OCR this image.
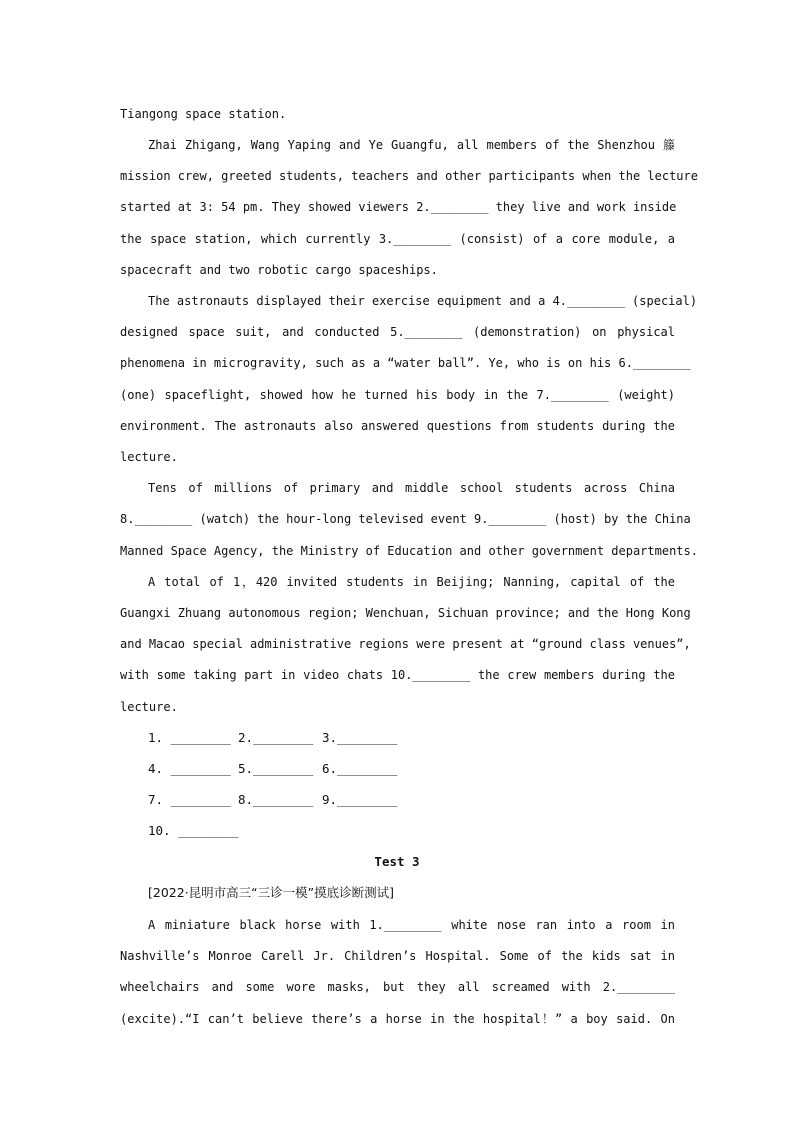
Tiangong space station.
Zhai Zhigang, Wang Yaping and Ye Guangfu, all members of the Shenzhou 籐
mission crew, greeted students, teachers and other participants when the lecture
started at 3: 54 pm. They showed viewers 2.________ they live and work inside
the space station, which currently 3.________ (consist) of a core module, a
spacecraft and two robotic cargo spaceships.
The astronauts displayed their exercise equipment and a 4.________ (special)
designed space suit, and conducted 5.________ (demonstration) on physical
phenomena in microgravity, such as a “water ball”. Ye, who is on his 6.________
(one) spaceflight, showed how he turned his body in the 7.________ (weight)
environment. The astronauts also answered questions from students during the
lecture.
Tens of millions of primary and middle school students across China
8.________ (watch) the hour-long televised event 9.________ (host) by the China
Manned Space Agency, the Ministry of Education and other government departments.
A total of 1，420 invited students in Beijing; Nanning, capital of the
Guangxi Zhuang autonomous region; Wenchuan, Sichuan province; and the Hong Kong
and Macao special administrative regions were present at “ground class venues”,
with some taking part in video chats 10.________ the crew members during the
lecture.
1. ________ 2.________ 3.________
4. ________ 5.________ 6.________
7. ________ 8.________ 9.________
10. ________
Test 3
[2022·昆明市高三“三诊一模”摸底诊断测试]
A miniature black horse with 1.________ white nose ran into a room in
Nashville’s Monroe Carell Jr. Children’s Hospital. Some of the kids sat in
wheelchairs and some wore masks, but they all screamed with 2.________
(excite).“I can’t believe there’s a horse in the hospital！” a boy said. On
